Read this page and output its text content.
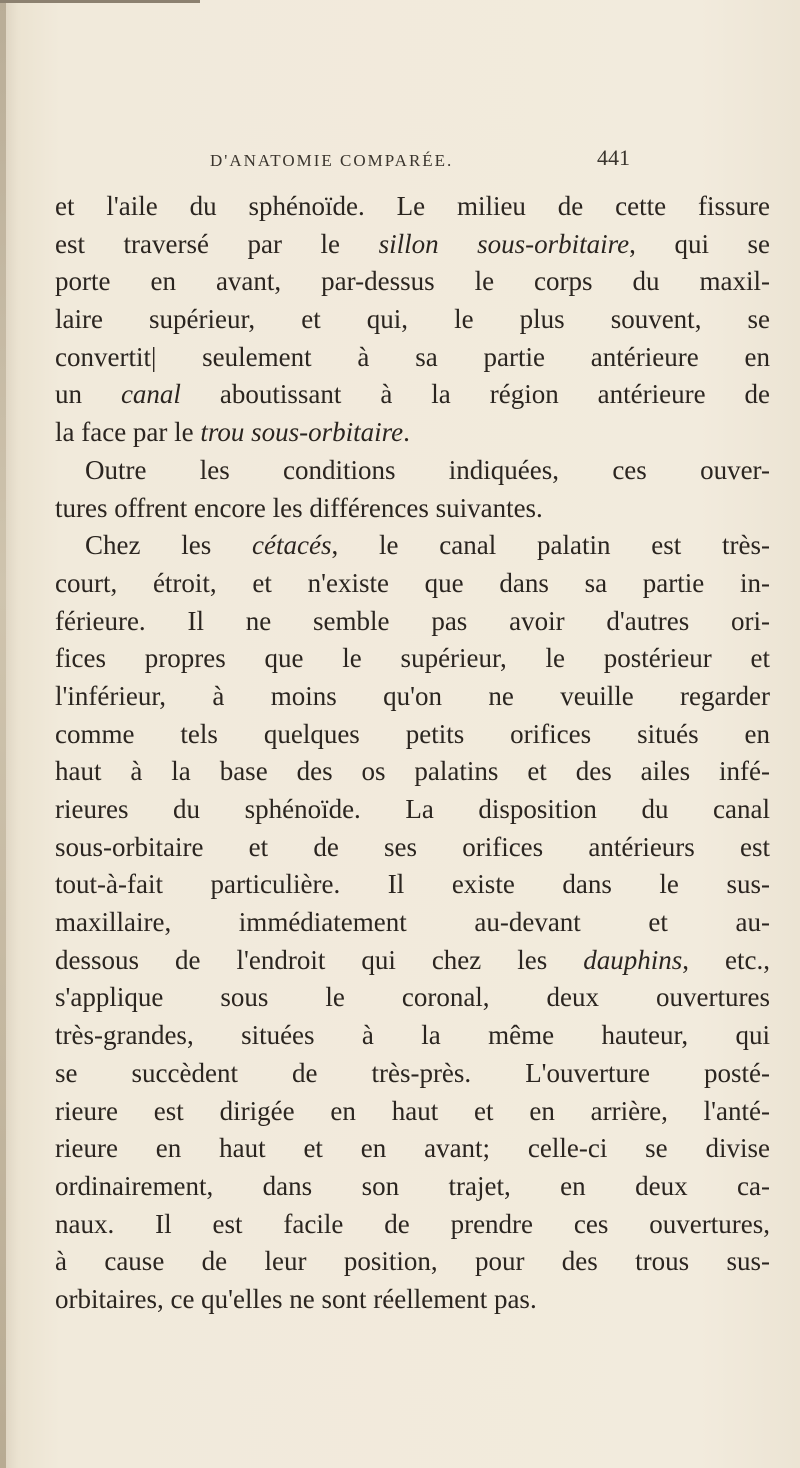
D'ANATOMIE COMPARÉE.	441
et l'aile du sphénoïde. Le milieu de cette fissure
est traversé par le sillon sous-orbitaire, qui se
porte en avant, par-dessus le corps du maxil-
laire supérieur, et qui, le plus souvent, se
convertit| seulement à sa partie antérieure en
un canal aboutissant à la région antérieure de
la face par le trou sous-orbitaire.
Outre les conditions indiquées, ces ouver-
tures offrent encore les différences suivantes.
Chez les cétacés, le canal palatin est très-
court, étroit, et n'existe que dans sa partie in-
férieure. Il ne semble pas avoir d'autres ori-
fices propres que le supérieur, le postérieur et
l'inférieur, à moins qu'on ne veuille regarder
comme tels quelques petits orifices situés en
haut à la base des os palatins et des ailes infé-
rieures du sphénoïde. La disposition du canal
sous-orbitaire et de ses orifices antérieurs est
tout-à-fait particulière. Il existe dans le sus-
maxillaire, immédiatement au-devant et au-
dessous de l'endroit qui chez les dauphins, etc.,
s'applique sous le coronal, deux ouvertures
très-grandes, situées à la même hauteur, qui
se succèdent de très-près. L'ouverture posté-
rieure est dirigée en haut et en arrière, l'anté-
rieure en haut et en avant; celle-ci se divise
ordinairement, dans son trajet, en deux ca-
naux. Il est facile de prendre ces ouvertures,
à cause de leur position, pour des trous sus-
orbitaires, ce qu'elles ne sont réellement pas.
